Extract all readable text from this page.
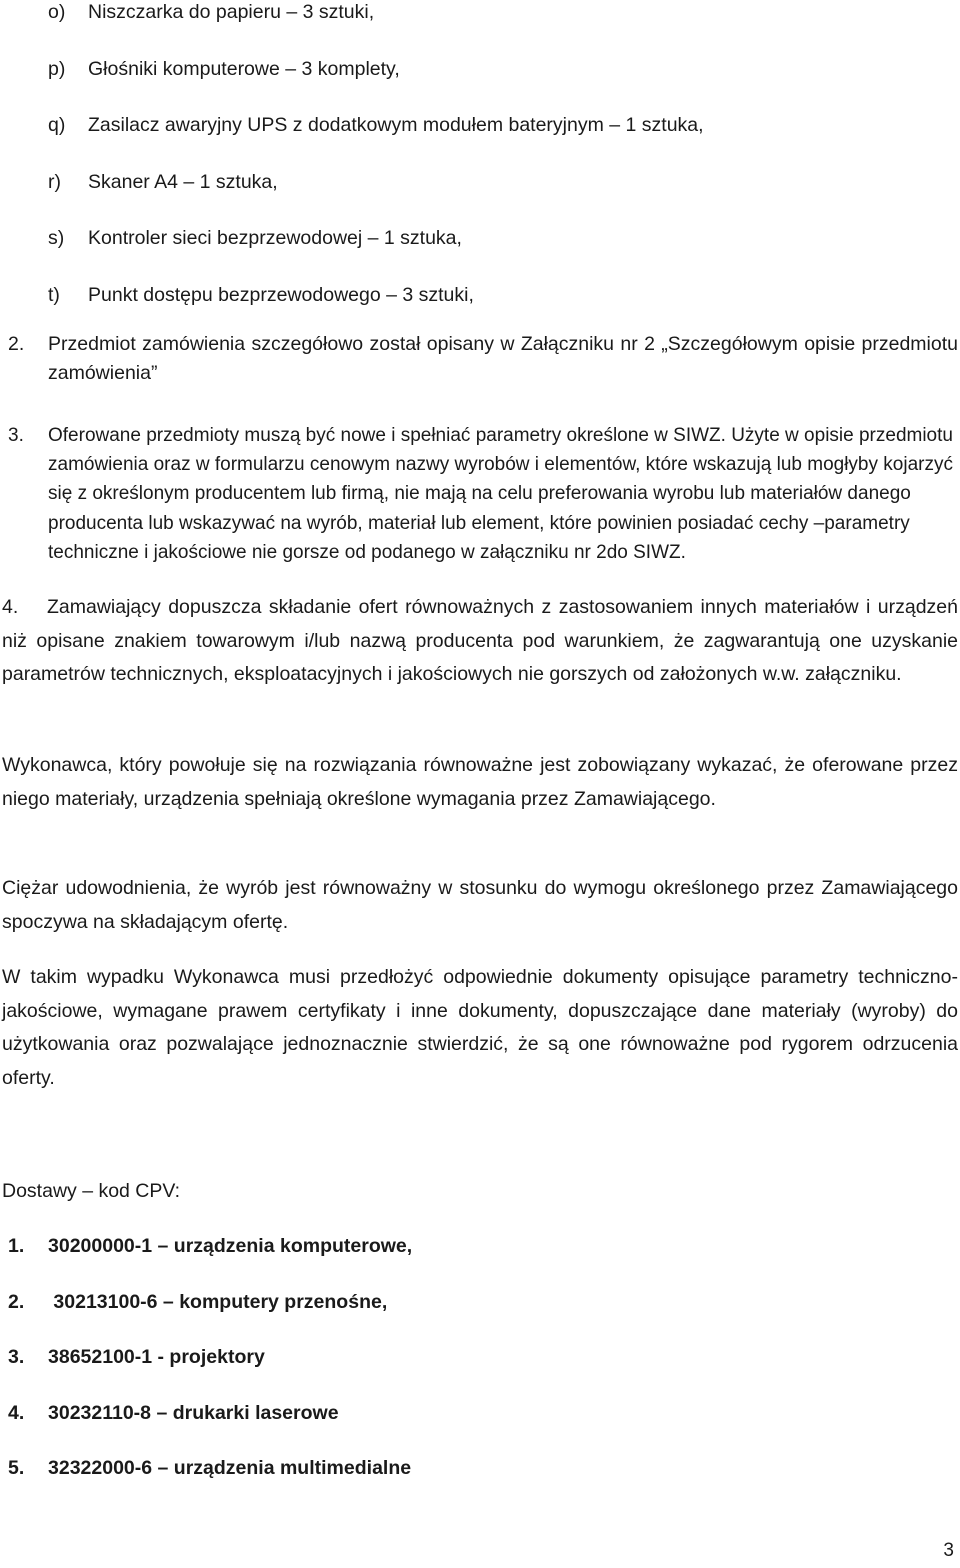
o)	Niszczarka do papieru – 3 sztuki,
p)	Głośniki komputerowe – 3 komplety,
q)	Zasilacz awaryjny UPS z dodatkowym modułem bateryjnym – 1 sztuka,
r)	Skaner A4 – 1 sztuka,
s)	Kontroler sieci bezprzewodowej – 1 sztuka,
t)	Punkt dostępu bezprzewodowego – 3 sztuki,
2.	Przedmiot zamówienia szczegółowo został opisany w Załączniku nr 2 „Szczegółowym opisie przedmiotu zamówienia”
3.	Oferowane przedmioty muszą być nowe i spełniać parametry określone w SIWZ. Użyte w opisie przedmiotu zamówienia oraz w formularzu cenowym nazwy wyrobów i elementów, które wskazują lub mogłyby kojarzyć się z określonym producentem lub firmą, nie mają na celu preferowania wyrobu lub materiałów danego producenta lub wskazywać na wyrób, materiał lub element, które powinien posiadać cechy –parametry techniczne i jakościowe nie gorsze od podanego w załączniku nr 2do SIWZ.
4. Zamawiający dopuszcza składanie ofert równoważnych z zastosowaniem innych materiałów i urządzeń niż opisane znakiem towarowym i/lub nazwą producenta pod warunkiem, że zagwarantują one uzyskanie parametrów technicznych, eksploatacyjnych i jakościowych nie gorszych od założonych w.w. załączniku.
Wykonawca, który powołuje się na rozwiązania równoważne jest zobowiązany wykazać, że oferowane przez niego materiały, urządzenia spełniają określone wymagania przez Zamawiającego.
Ciężar udowodnienia, że wyrób jest równoważny w stosunku do wymogu określonego przez Zamawiającego spoczywa na składającym ofertę.
W takim wypadku Wykonawca musi przedłożyć odpowiednie dokumenty opisujące parametry techniczno-jakościowe, wymagane prawem certyfikaty i inne dokumenty, dopuszczające dane materiały (wyroby) do użytkowania oraz pozwalające jednoznacznie stwierdzić, że są one równoważne pod rygorem odrzucenia oferty.
Dostawy – kod CPV:
1.	30200000-1 – urządzenia komputerowe,
2.	30213100-6 – komputery przenośne,
3.	38652100-1 - projektory
4.	30232110-8 – drukarki laserowe
5.	32322000-6 – urządzenia multimedialne
3
